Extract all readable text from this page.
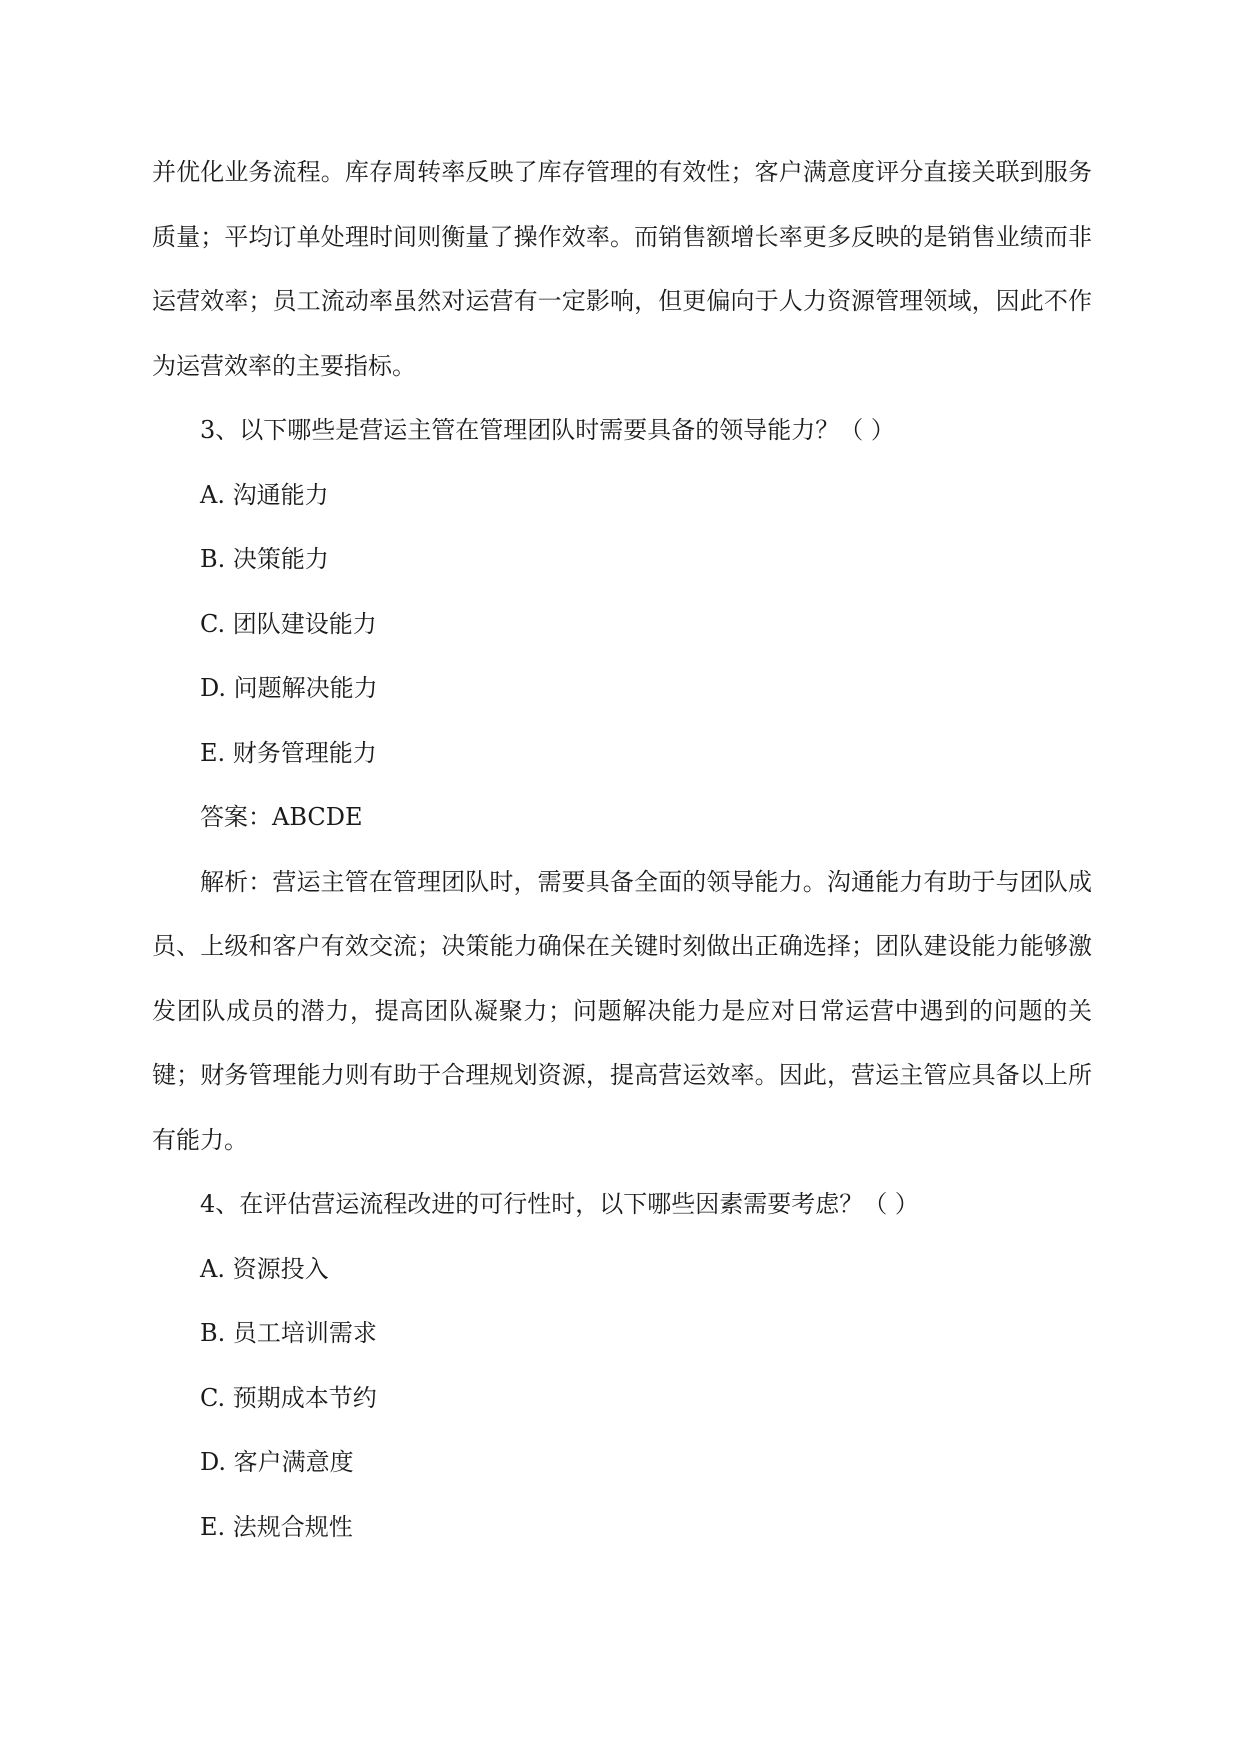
并优化业务流程。库存周转率反映了库存管理的有效性；客户满意度评分直接关联到服务质量；平均订单处理时间则衡量了操作效率。而销售额增长率更多反映的是销售业绩而非运营效率；员工流动率虽然对运营有一定影响，但更偏向于人力资源管理领域，因此不作为运营效率的主要指标。

3、以下哪些是营运主管在管理团队时需要具备的领导能力？（ ）

A. 沟通能力

B. 决策能力

C. 团队建设能力

D. 问题解决能力

E. 财务管理能力

答案：ABCDE

解析：营运主管在管理团队时，需要具备全面的领导能力。沟通能力有助于与团队成员、上级和客户有效交流；决策能力确保在关键时刻做出正确选择；团队建设能力能够激发团队成员的潜力，提高团队凝聚力；问题解决能力是应对日常运营中遇到的问题的关键；财务管理能力则有助于合理规划资源，提高营运效率。因此，营运主管应具备以上所有能力。

4、在评估营运流程改进的可行性时，以下哪些因素需要考虑？（ ）

A. 资源投入

B. 员工培训需求

C. 预期成本节约

D. 客户满意度

E. 法规合规性
